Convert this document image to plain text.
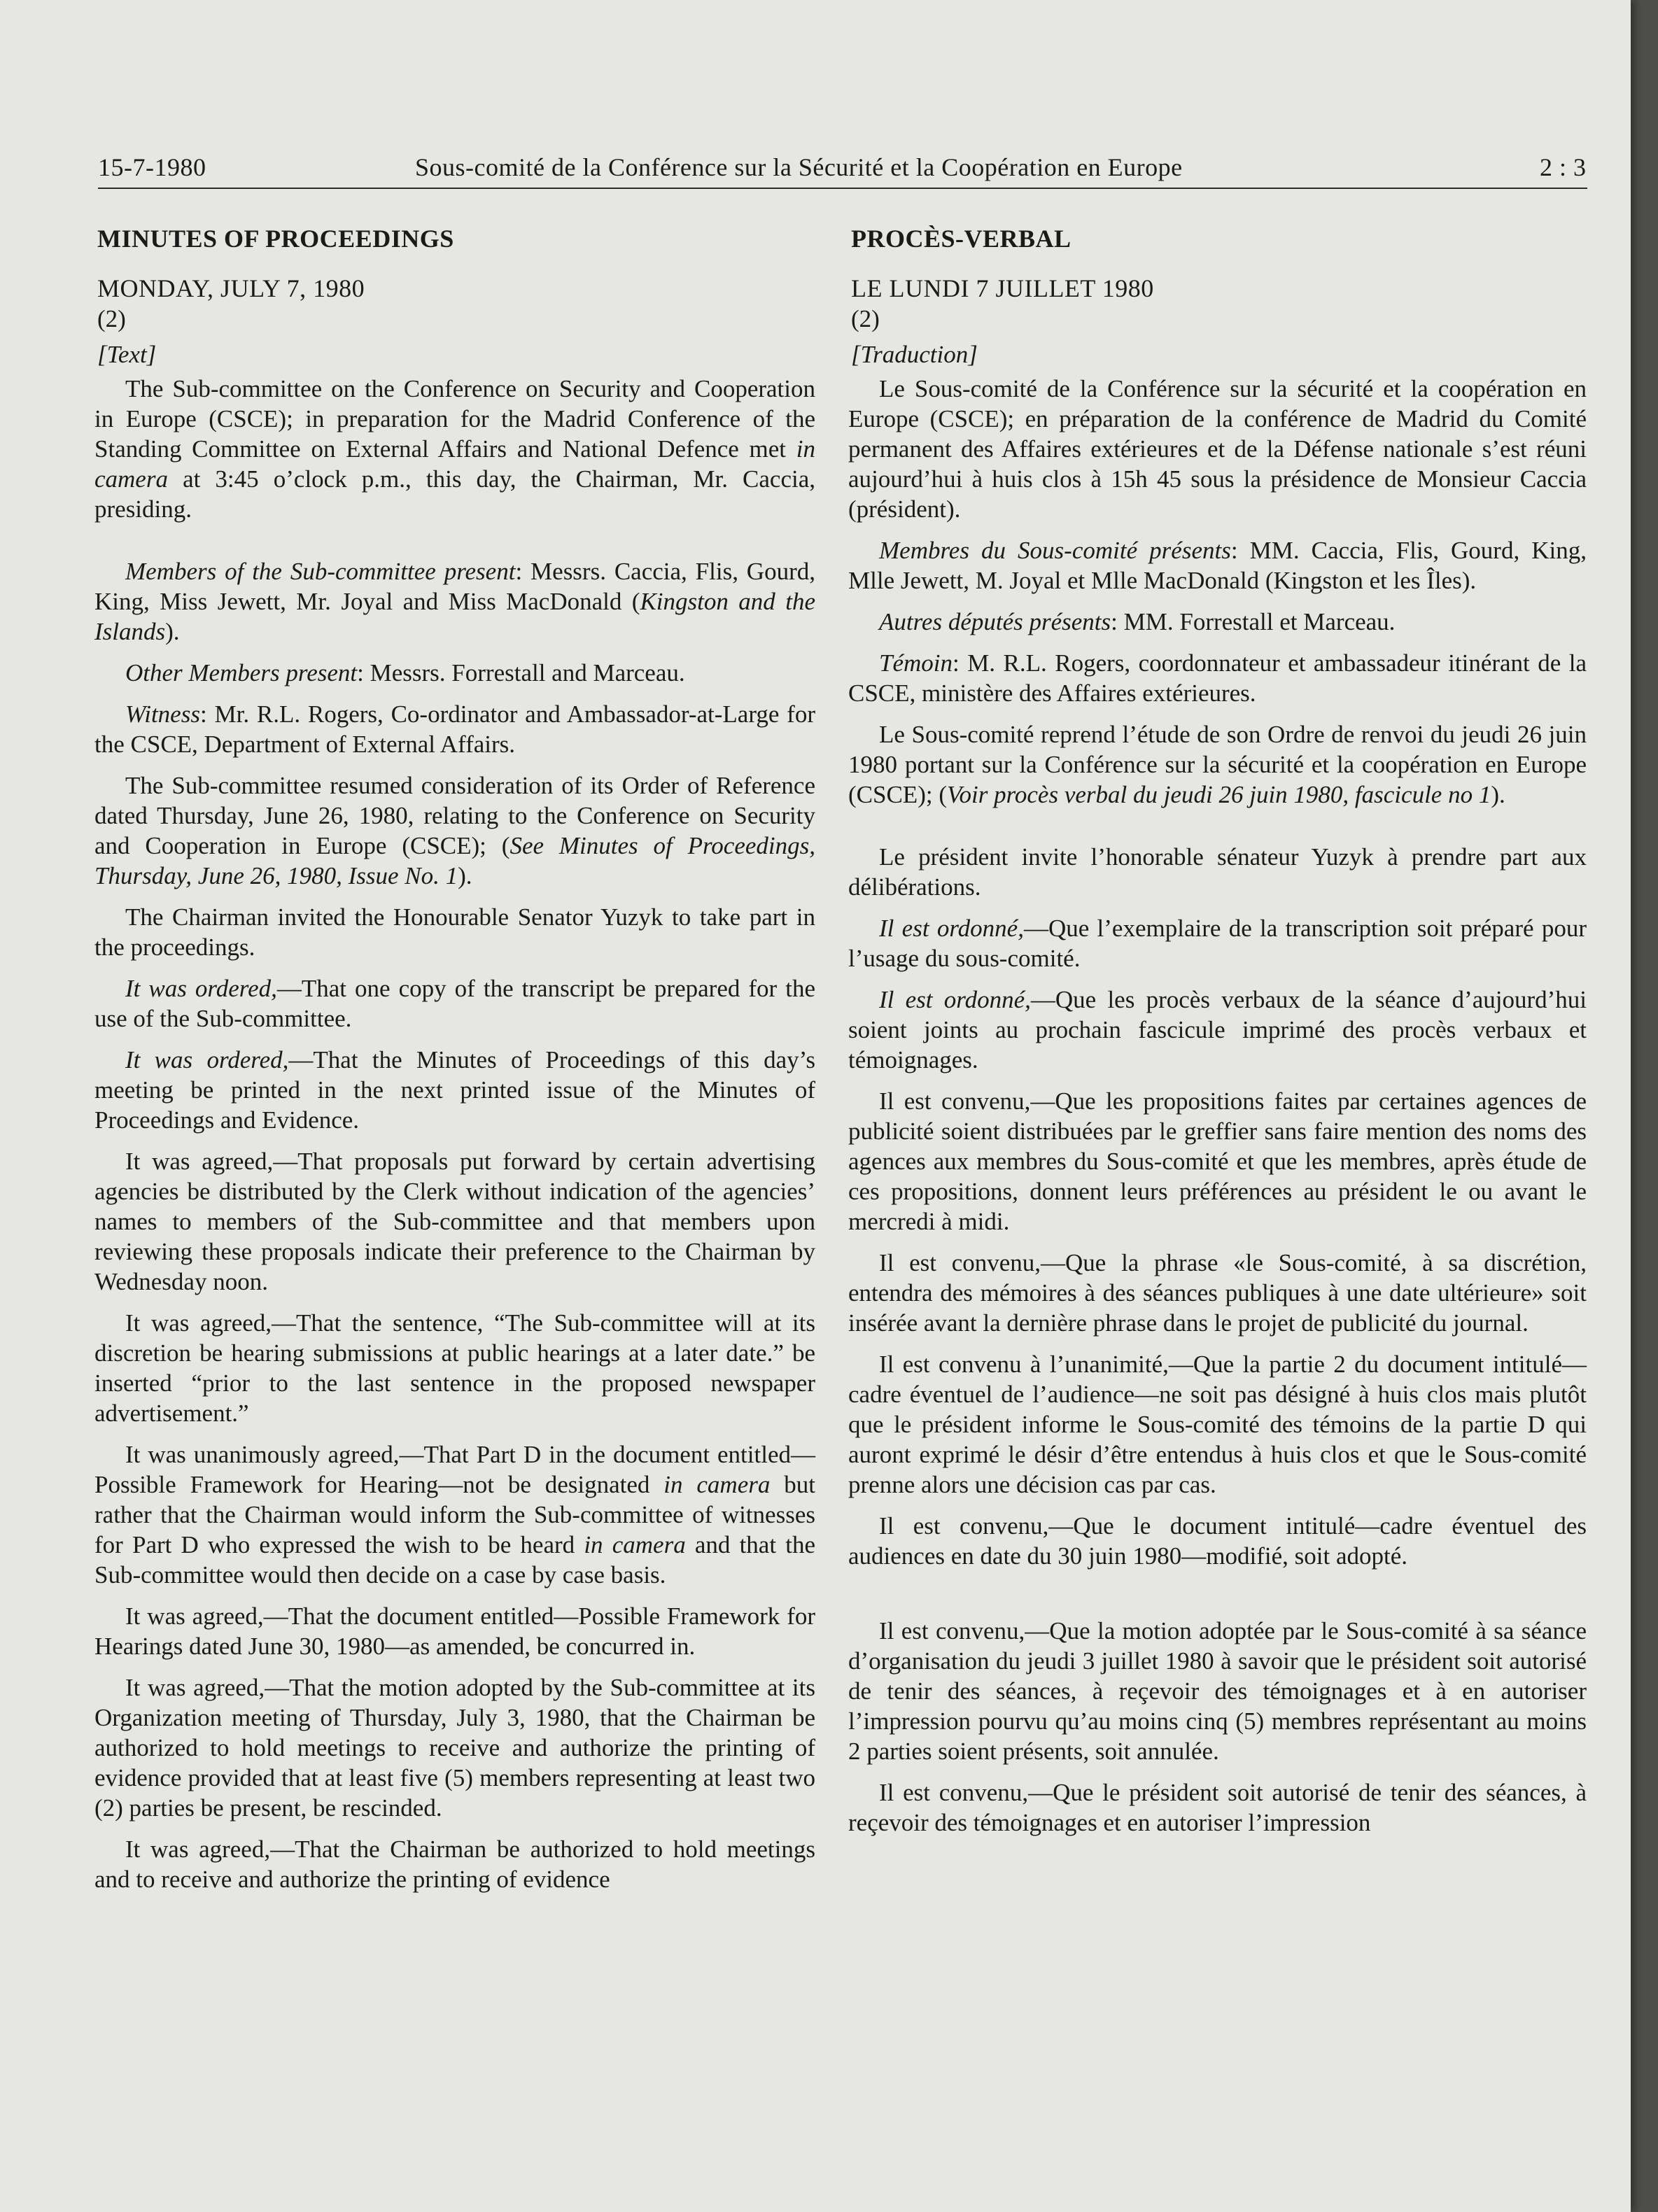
15-7-1980	Sous-comité de la Conférence sur la Sécurité et la Coopération en Europe	2 : 3
MINUTES OF PROCEEDINGS
MONDAY, JULY 7, 1980
(2)
[Text]

The Sub-committee on the Conference on Security and Cooperation in Europe (CSCE); in preparation for the Madrid Conference of the Standing Committee on External Affairs and National Defence met in camera at 3:45 o’clock p.m., this day, the Chairman, Mr. Caccia, presiding.

Members of the Sub-committee present: Messrs. Caccia, Flis, Gourd, King, Miss Jewett, Mr. Joyal and Miss MacDonald (Kingston and the Islands).

Other Members present: Messrs. Forrestall and Marceau.

Witness: Mr. R.L. Rogers, Co-ordinator and Ambassador-at-Large for the CSCE, Department of External Affairs.

The Sub-committee resumed consideration of its Order of Reference dated Thursday, June 26, 1980, relating to the Conference on Security and Cooperation in Europe (CSCE); (See Minutes of Proceedings, Thursday, June 26, 1980, Issue No. 1).

The Chairman invited the Honourable Senator Yuzyk to take part in the proceedings.

It was ordered,—That one copy of the transcript be prepared for the use of the Sub-committee.

It was ordered,—That the Minutes of Proceedings of this day’s meeting be printed in the next printed issue of the Minutes of Proceedings and Evidence.

It was agreed,—That proposals put forward by certain advertising agencies be distributed by the Clerk without indication of the agencies’ names to members of the Sub-committee and that members upon reviewing these proposals indicate their preference to the Chairman by Wednesday noon.

It was agreed,—That the sentence, “The Sub-committee will at its discretion be hearing submissions at public hearings at a later date.” be inserted “prior to the last sentence in the proposed newspaper advertisement.”

It was unanimously agreed,—That Part D in the document entitled—Possible Framework for Hearing—not be designated in camera but rather that the Chairman would inform the Sub-committee of witnesses for Part D who expressed the wish to be heard in camera and that the Sub-committee would then decide on a case by case basis.

It was agreed,—That the document entitled—Possible Framework for Hearings dated June 30, 1980—as amended, be concurred in.

It was agreed,—That the motion adopted by the Sub-committee at its Organization meeting of Thursday, July 3, 1980, that the Chairman be authorized to hold meetings to receive and authorize the printing of evidence provided that at least five (5) members representing at least two (2) parties be present, be rescinded.

It was agreed,—That the Chairman be authorized to hold meetings and to receive and authorize the printing of evidence

PROCÈS-VERBAL
LE LUNDI 7 JUILLET 1980
(2)
[Traduction]

Le Sous-comité de la Conférence sur la sécurité et la coopération en Europe (CSCE); en préparation de la conférence de Madrid du Comité permanent des Affaires extérieures et de la Défense nationale s’est réuni aujourd’hui à huis clos à 15h 45 sous la présidence de Monsieur Caccia (président).

Membres du Sous-comité présents: MM. Caccia, Flis, Gourd, King, Mlle Jewett, M. Joyal et Mlle MacDonald (Kingston et les Îles).

Autres députés présents: MM. Forrestall et Marceau.

Témoin: M. R.L. Rogers, coordonnateur et ambassadeur itinérant de la CSCE, ministère des Affaires extérieures.

Le Sous-comité reprend l’étude de son Ordre de renvoi du jeudi 26 juin 1980 portant sur la Conférence sur la sécurité et la coopération en Europe (CSCE); (Voir procès verbal du jeudi 26 juin 1980, fascicule no 1).

Le président invite l’honorable sénateur Yuzyk à prendre part aux délibérations.

Il est ordonné,—Que l’exemplaire de la transcription soit préparé pour l’usage du sous-comité.

Il est ordonné,—Que les procès verbaux de la séance d’aujourd’hui soient joints au prochain fascicule imprimé des procès verbaux et témoignages.

Il est convenu,—Que les propositions faites par certaines agences de publicité soient distribuées par le greffier sans faire mention des noms des agences aux membres du Sous-comité et que les membres, après étude de ces propositions, donnent leurs préférences au président le ou avant le mercredi à midi.

Il est convenu,—Que la phrase «le Sous-comité, à sa discrétion, entendra des mémoires à des séances publiques à une date ultérieure» soit insérée avant la dernière phrase dans le projet de publicité du journal.

Il est convenu à l’unanimité,—Que la partie 2 du document intitulé—cadre éventuel de l’audience—ne soit pas désigné à huis clos mais plutôt que le président informe le Sous-comité des témoins de la partie D qui auront exprimé le désir d’être entendus à huis clos et que le Sous-comité prenne alors une décision cas par cas.

Il est convenu,—Que le document intitulé—cadre éventuel des audiences en date du 30 juin 1980—modifié, soit adopté.

Il est convenu,—Que la motion adoptée par le Sous-comité à sa séance d’organisation du jeudi 3 juillet 1980 à savoir que le président soit autorisé de tenir des séances, à reçevoir des témoignages et à en autoriser l’impression pourvu qu’au moins cinq (5) membres représentant au moins 2 parties soient présents, soit annulée.

Il est convenu,—Que le président soit autorisé de tenir des séances, à reçevoir des témoignages et en autoriser l’impression
